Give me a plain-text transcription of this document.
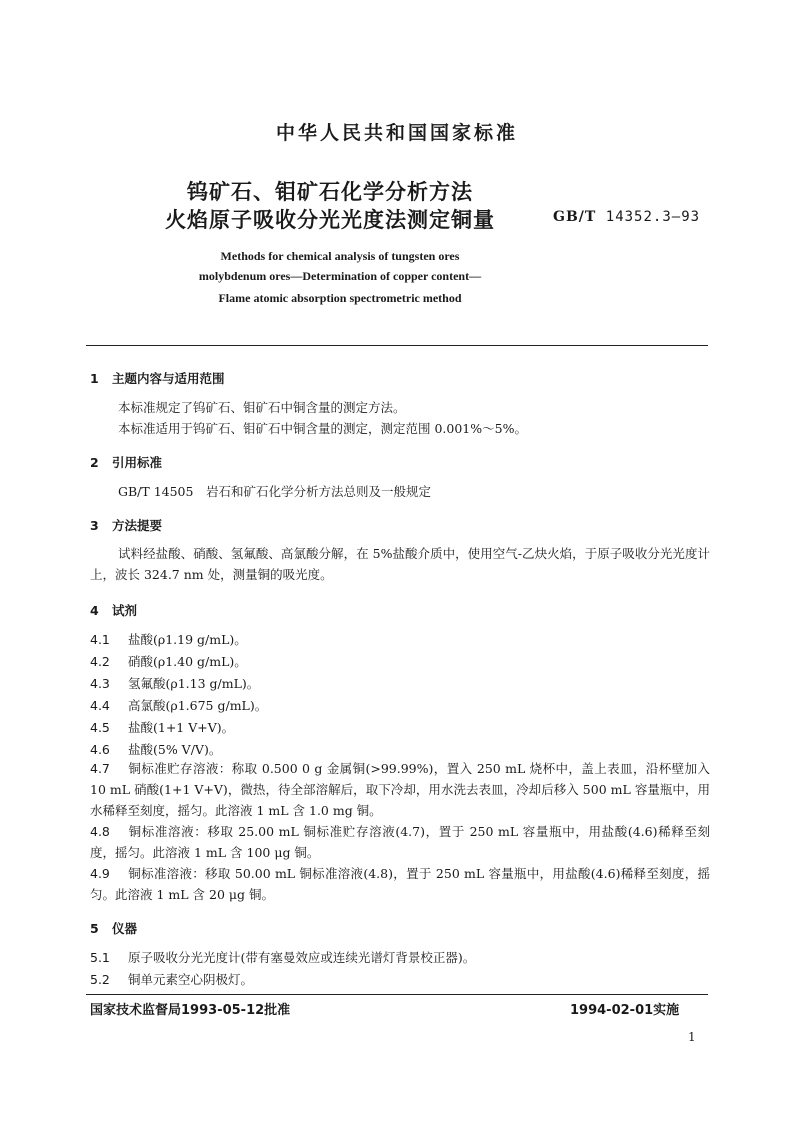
中华人民共和国国家标准
钨矿石、钼矿石化学分析方法
火焰原子吸收分光光度法测定铜量	GB/T 14352.3—93
Methods for chemical analysis of tungsten ores
molybdenum ores—Determination of copper content—
Flame atomic absorption spectrometric method
1 主题内容与适用范围
本标准规定了钨矿石、钼矿石中铜含量的测定方法。
本标准适用于钨矿石、钼矿石中铜含量的测定，测定范围 0.001%～5%。
2 引用标准
GB/T 14505　岩石和矿石化学分析方法总则及一般规定
3 方法提要
试料经盐酸、硝酸、氢氟酸、高氯酸分解，在 5%盐酸介质中，使用空气-乙炔火焰，于原子吸收分光光度计上，波长 324.7 nm 处，测量铜的吸光度。
4 试剂
4.1 盐酸(ρ1.19 g/mL)。
4.2 硝酸(ρ1.40 g/mL)。
4.3 氢氟酸(ρ1.13 g/mL)。
4.4 高氯酸(ρ1.675 g/mL)。
4.5 盐酸(1+1 V+V)。
4.6 盐酸(5% V/V)。
4.7 铜标准贮存溶液：称取 0.500 0 g 金属铜(>99.99%)，置入 250 mL 烧杯中，盖上表皿，沿杯壁加入 10 mL 硝酸(1+1 V+V)，微热，待全部溶解后，取下冷却，用水洗去表皿，冷却后移入 500 mL 容量瓶中，用水稀释至刻度，摇匀。此溶液 1 mL 含 1.0 mg 铜。
4.8 铜标准溶液：移取 25.00 mL 铜标准贮存溶液(4.7)，置于 250 mL 容量瓶中，用盐酸(4.6)稀释至刻度，摇匀。此溶液 1 mL 含 100 μg 铜。
4.9 铜标准溶液：移取 50.00 mL 铜标准溶液(4.8)，置于 250 mL 容量瓶中，用盐酸(4.6)稀释至刻度，摇匀。此溶液 1 mL 含 20 μg 铜。
5 仪器
5.1 原子吸收分光光度计(带有塞曼效应或连续光谱灯背景校正器)。
5.2 铜单元素空心阴极灯。
国家技术监督局1993-05-12批准	1994-02-01实施
1
